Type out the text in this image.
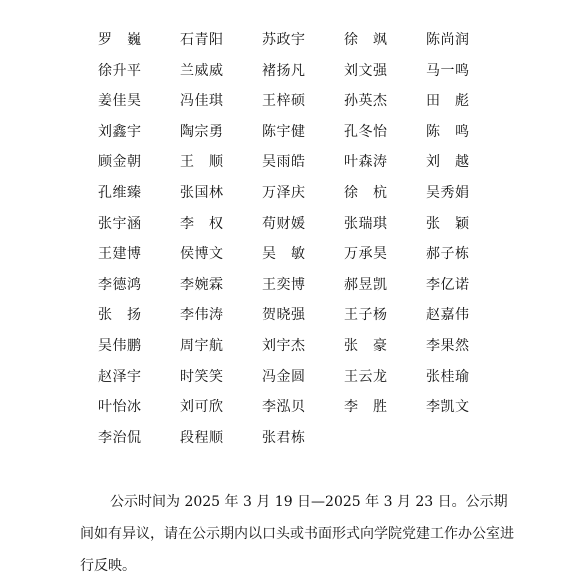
罗　巍	石青阳	苏政宇	徐　飒	陈尚润
徐升平	兰威威	褚扬凡	刘文强	马一鸣
姜佳昊	冯佳琪	王梓硕	孙英杰	田　彪
刘鑫宇	陶宗勇	陈宇健	孔冬怡	陈　鸣
顾金朝	王　顺	吴雨皓	叶森涛	刘　越
孔维臻	张国林	万泽庆	徐　杭	吴秀娟
张宇涵	李　权	苟财媛	张瑞琪	张　颖
王建博	侯博文	吴　敏	万承昊	郝子栋
李德鸿	李婉霖	王奕博	郝昱凯	李亿诺
张　扬	李伟涛	贺晓强	王子杨	赵嘉伟
吴伟鹏	周宇航	刘宇杰	张　豪	李果然
赵泽宇	时笑笑	冯金圆	王云龙	张桂瑜
叶怡冰	刘可欣	李泓贝	李　胜	李凯文
李治侃	段程顺	张君栋

公示时间为 2025 年 3 月 19 日—2025 年 3 月 23 日。公示期间如有异议，请在公示期内以口头或书面形式向学院党建工作办公室进行反映。
